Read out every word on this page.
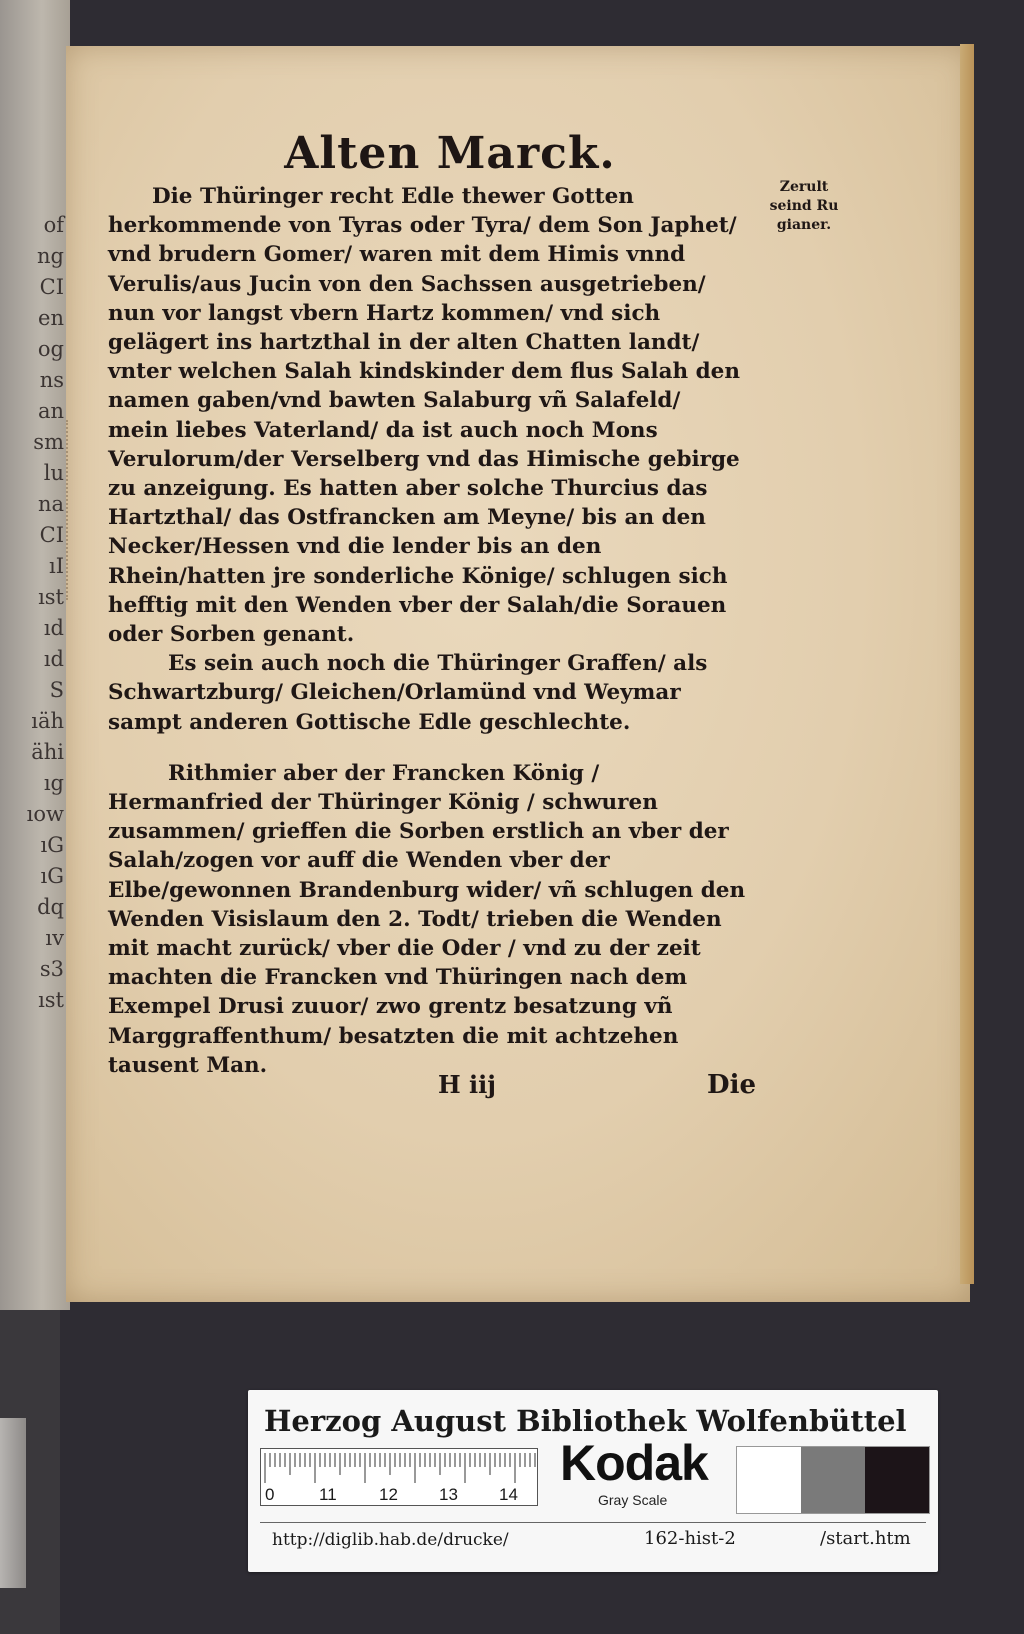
of
ng
CI
en
og
ns
an
sm
lu
na
CI
ıI
ıst
ıd
ıd
S
ıäh
ähi
ıg
ıow
ıG
ıG
dq
ıv
s3
ıst
Alten Marck.
Zerult
seind Ru
gianer.

Die Thüringer recht Edle thewer Gotten herkommende von Tyras oder Tyra/ dem Son Japhet/ vnd brudern Gomer/ waren mit dem Himis vnnd Verulis/aus Jucin von den Sachssen ausgetrieben/ nun vor langst vbern Hartz kommen/ vnd sich gelägert ins hartzthal in der alten Chatten landt/ vnter welchen Salah kindskinder dem flus Salah den namen gaben/vnd bawten Salaburg vñ Salafeld/ mein liebes Vaterland/ da ist auch noch Mons Verulorum/der Verselberg vnd das Himische gebirge zu anzeigung. Es hatten aber solche Thurcius das Hartzthal/ das Ostfrancken am Meyne/ bis an den Necker/Hessen vnd die lender bis an den Rhein/hatten jre sonderliche Könige/ schlugen sich hefftig mit den Wenden vber der Salah/die Sorauen oder Sorben genant.

Es sein auch noch die Thüringer Graffen/ als Schwartzburg/ Gleichen/Orlamünd vnd Weymar sampt anderen Gottische Edle geschlechte.

Rithmier aber der Francken König / Hermanfried der Thüringer König / schwuren zusammen/ grieffen die Sorben erstlich an vber der Salah/zogen vor auff die Wenden vber der Elbe/gewonnen Brandenburg wider/ vñ schlugen den Wenden Visislaum den 2. Todt/ trieben die Wenden mit macht zurück/ vber die Oder / vnd zu der zeit machten die Francken vnd Thüringen nach dem Exempel Drusi zuuor/ zwo grentz besatzung vñ Marggraffenthum/ besatzten die mit achtzehen tausent Man.

H iij	Die
Herzog August Bibliothek Wolfenbüttel
0	11 12 13 14
Kodak
Gray Scale
http://diglib.hab.de/drucke/	162-hist-2	/start.htm
